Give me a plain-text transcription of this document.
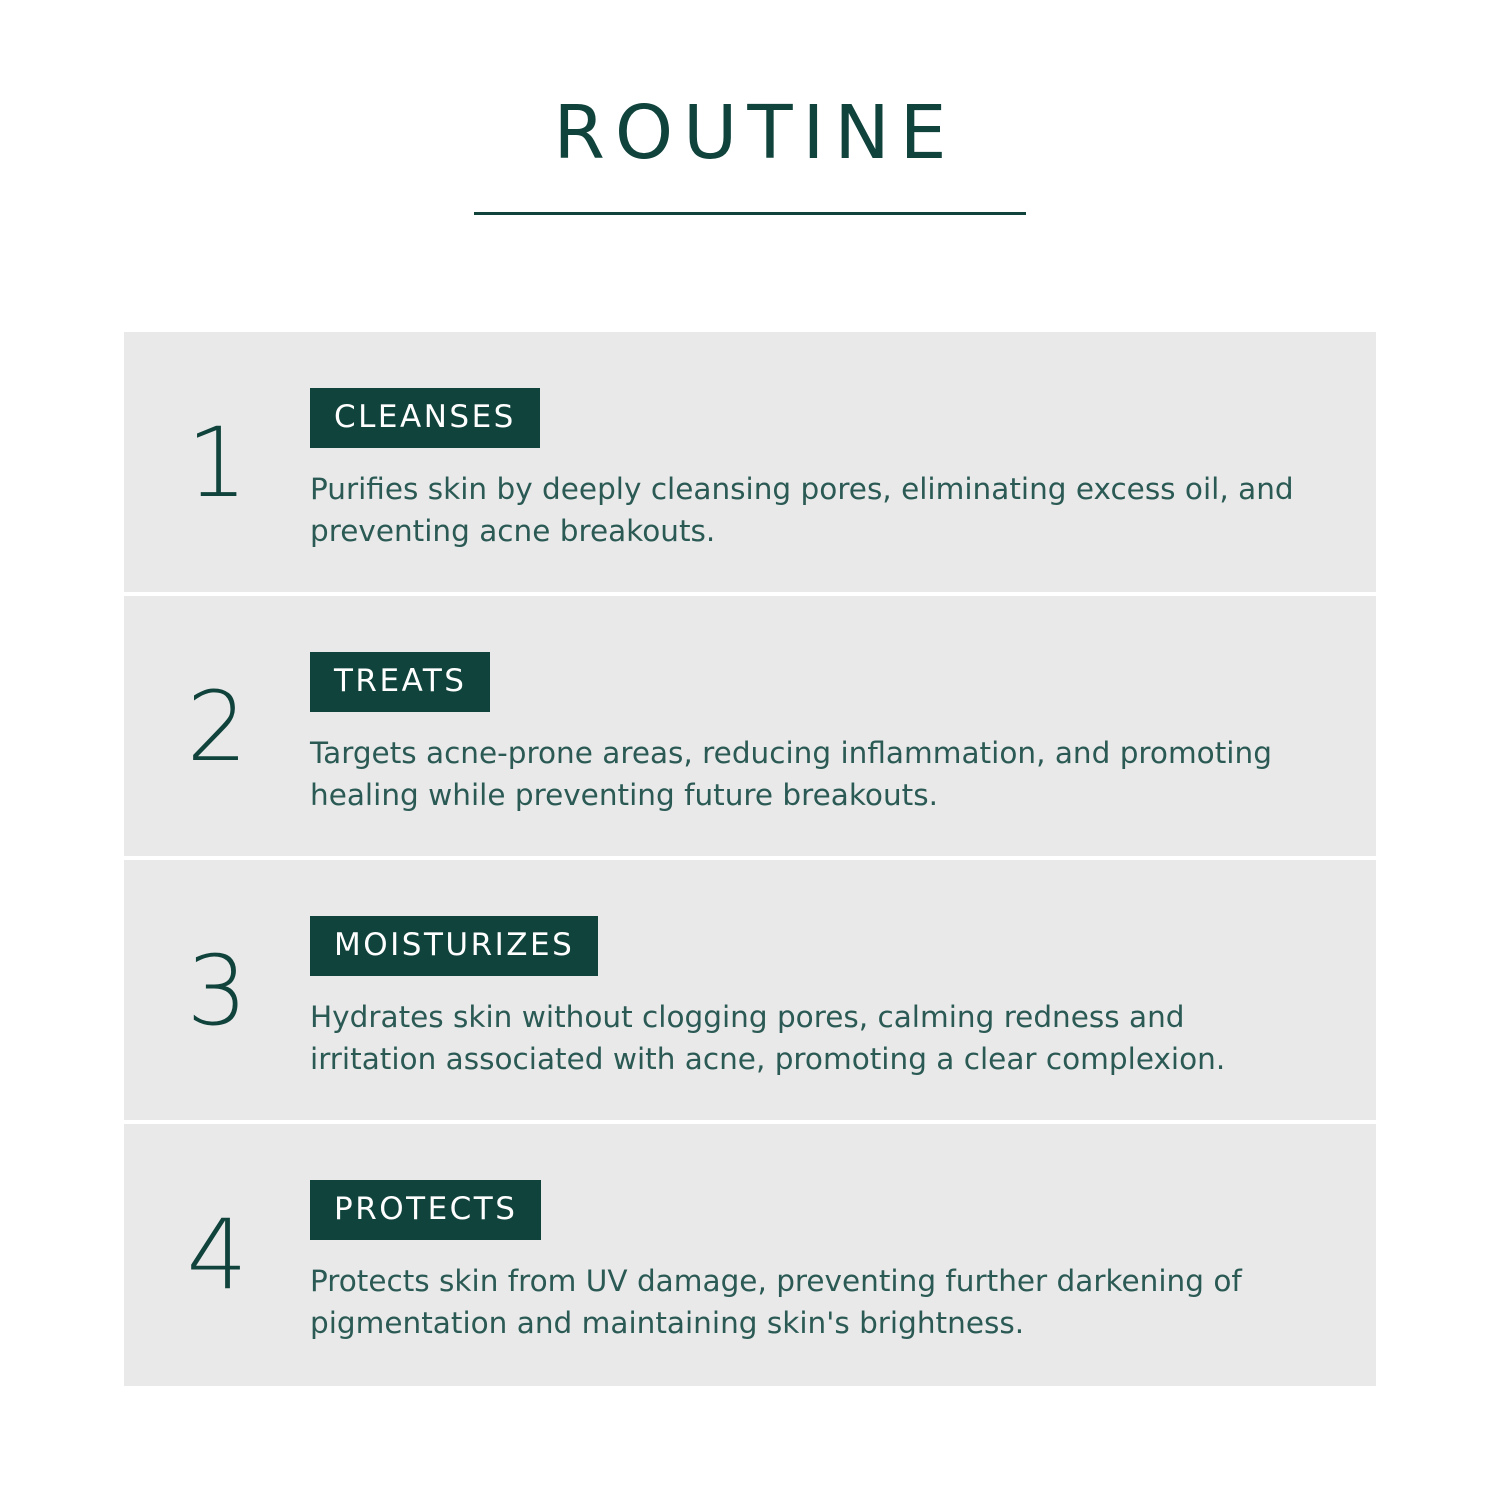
ROUTINE
1	CLEANSES
Purifies skin by deeply cleansing pores, eliminating excess oil, and preventing acne breakouts.
2	TREATS
Targets acne-prone areas, reducing inflammation, and promoting healing while preventing future breakouts.
3	MOISTURIZES
Hydrates skin without clogging pores, calming redness and irritation associated with acne, promoting a clear complexion.
4	PROTECTS
Protects skin from UV damage, preventing further darkening of pigmentation and maintaining skin's brightness.
